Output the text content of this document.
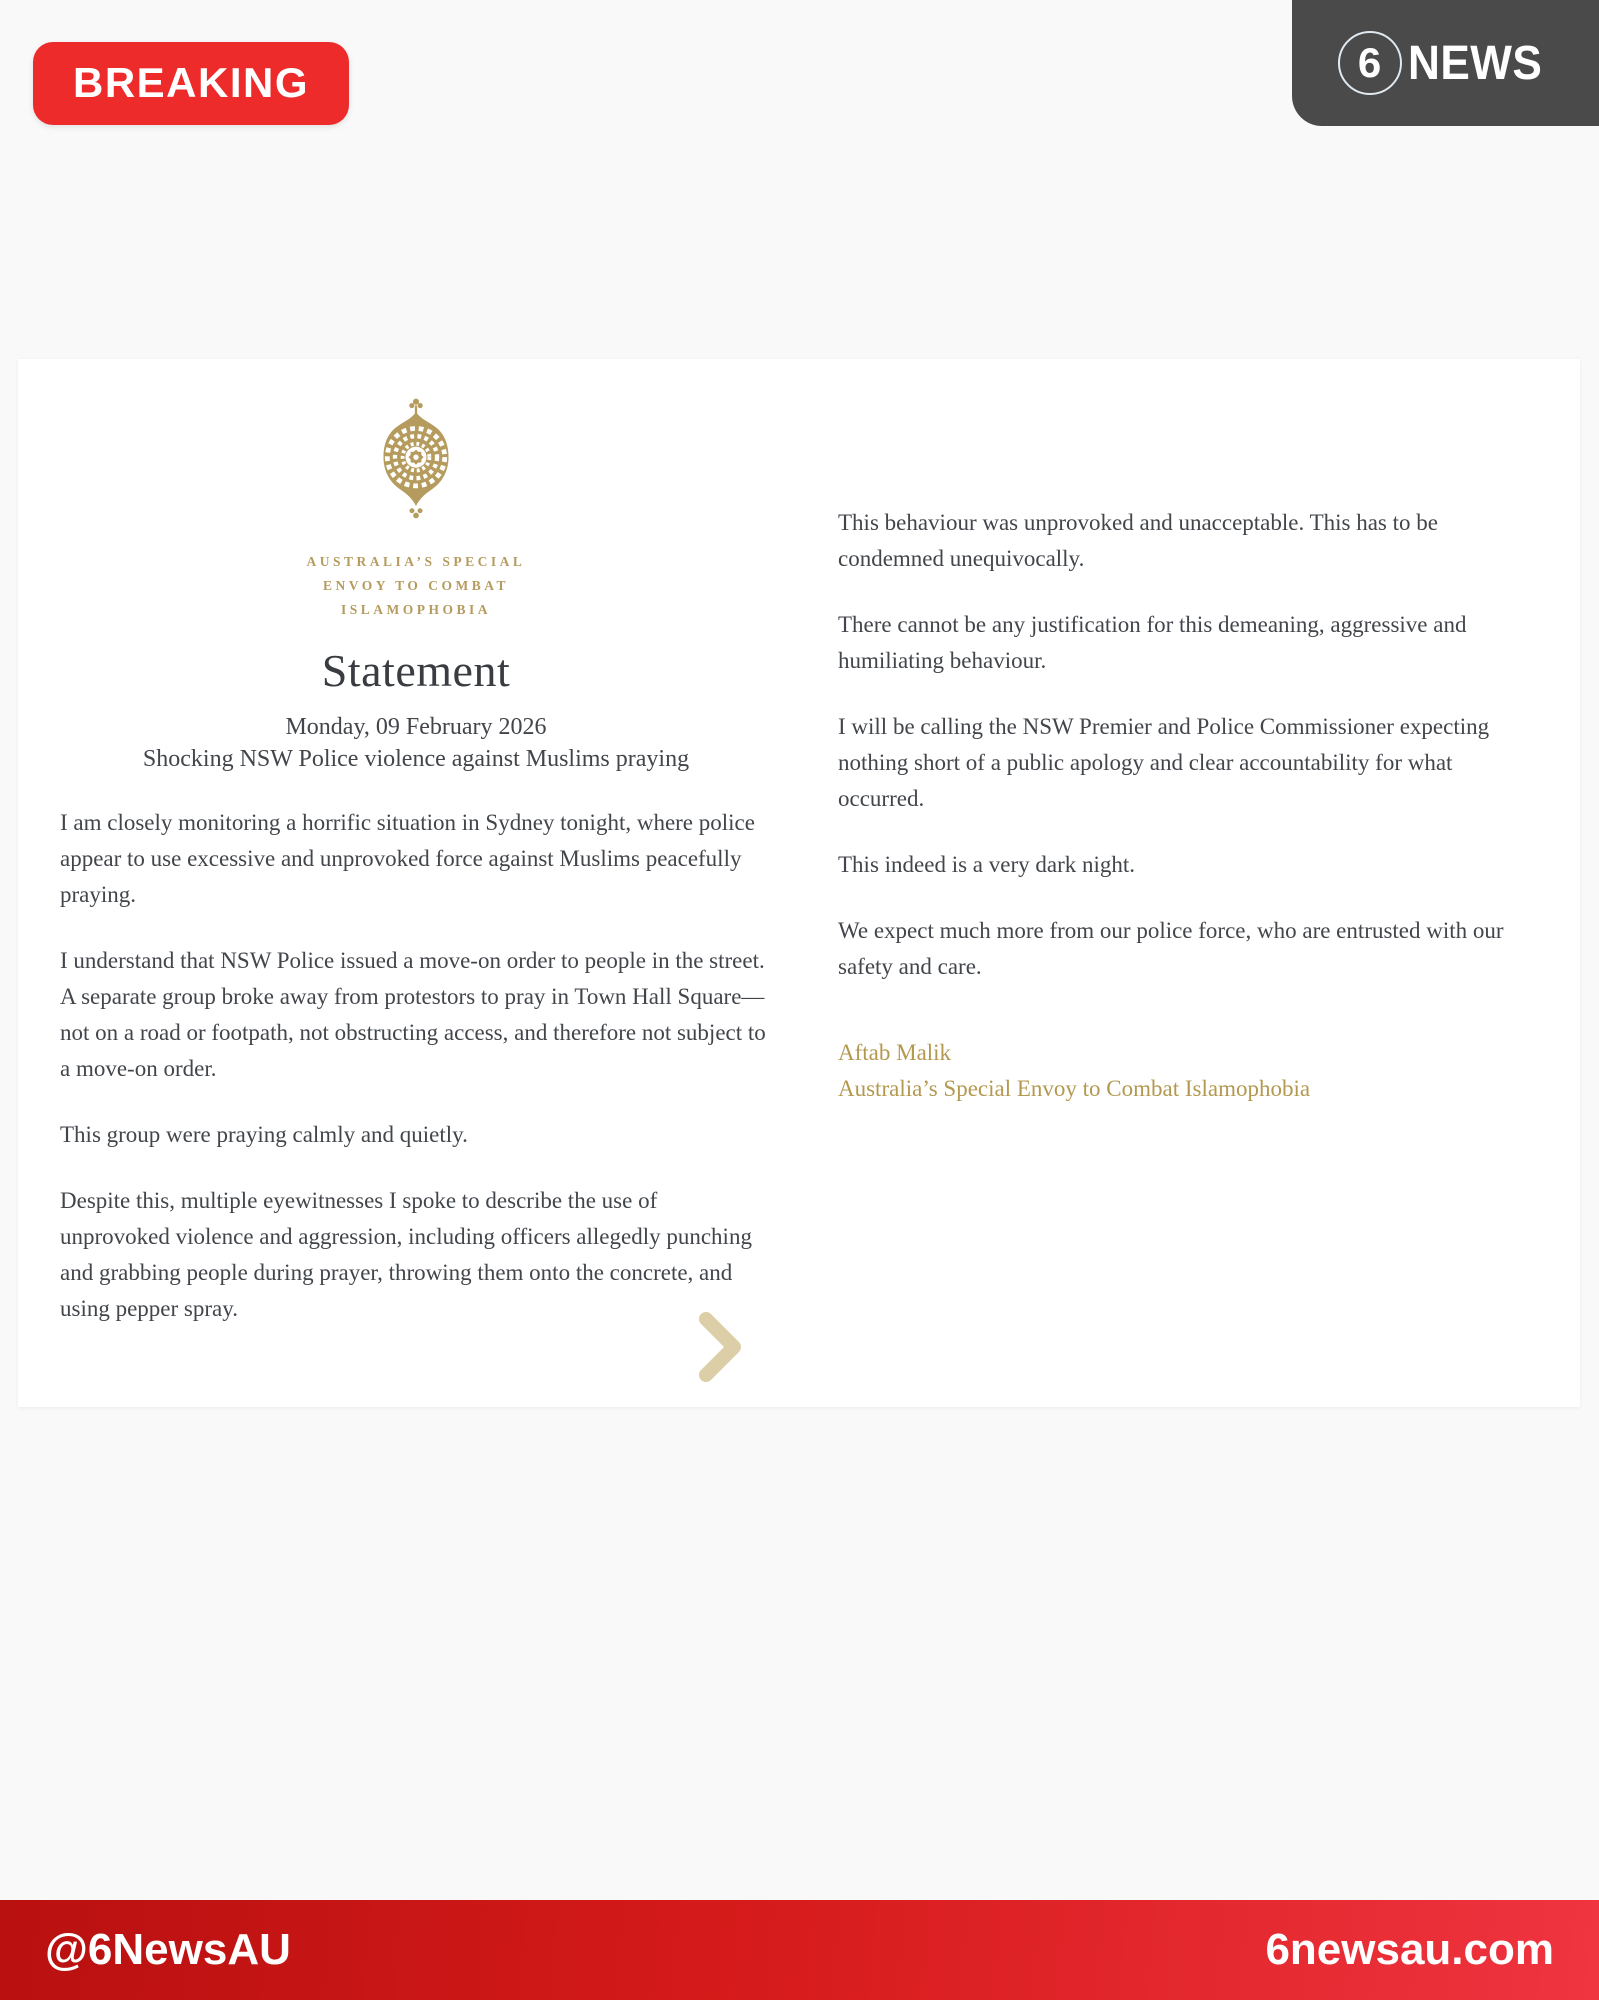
BREAKING	6 NEWS
AUSTRALIA’S SPECIAL
ENVOY TO COMBAT
ISLAMOPHOBIA
Statement
Monday, 09 February 2026
Shocking NSW Police violence against Muslims praying

I am closely monitoring a horrific situation in Sydney tonight, where police appear to use excessive and unprovoked force against Muslims peacefully praying.

I understand that NSW Police issued a move-on order to people in the street. A separate group broke away from protestors to pray in Town Hall Square—not on a road or footpath, not obstructing access, and therefore not subject to a move-on order.

This group were praying calmly and quietly.

Despite this, multiple eyewitnesses I spoke to describe the use of unprovoked violence and aggression, including officers allegedly punching and grabbing people during prayer, throwing them onto the concrete, and using pepper spray.

This behaviour was unprovoked and unacceptable. This has to be condemned unequivocally.

There cannot be any justification for this demeaning, aggressive and humiliating behaviour.

I will be calling the NSW Premier and Police Commissioner expecting nothing short of a public apology and clear accountability for what occurred.

This indeed is a very dark night.

We expect much more from our police force, who are entrusted with our safety and care.

Aftab Malik
Australia’s Special Envoy to Combat Islamophobia
@6NewsAU	6newsau.com
